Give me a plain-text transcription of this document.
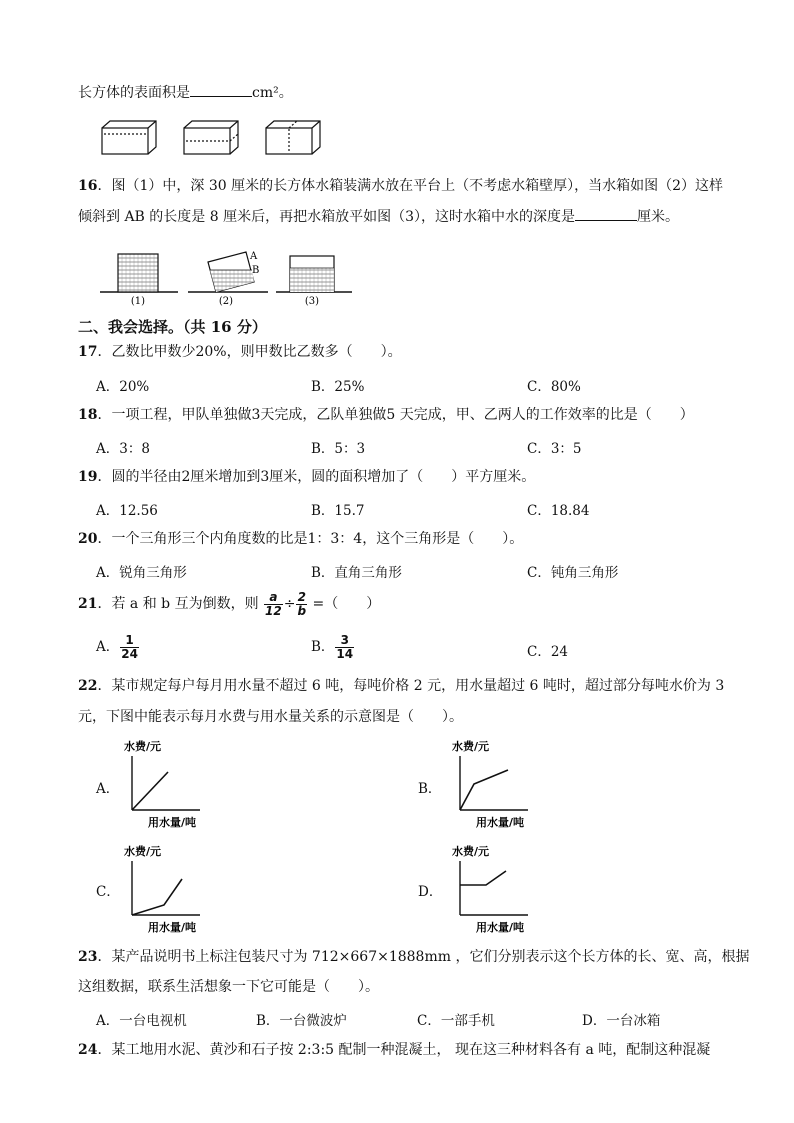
长方体的表面积是	cm²。
16．图（1）中，深 30 厘米的长方体水箱装满水放在平台上（不考虑水箱壁厚），当水箱如图（2）这样
倾斜到 AB 的长度是 8 厘米后，再把水箱放平如图（3），这时水箱中水的深度是	厘米。
(1)
A
B
(2)	(3)
二、我会选择。（共 16 分）
17．乙数比甲数少20%，则甲数比乙数多（　　）。
A．20%	B．25%	C．80%
18．一项工程，甲队单独做3天完成，乙队单独做5 天完成，甲、乙两人的工作效率的比是（　　）
A．3：8	B．5：3	C．3：5
19．圆的半径由2厘米增加到3厘米，圆的面积增加了（　　）平方厘米。
A．12.56	B．15.7	C．18.84
20．一个三角形三个内角度数的比是1：3：4，这个三角形是（　　）。
A．锐角三角形	B．直角三角形	C．钝角三角形
21．若 a 和 b 互为倒数，则 $\frac{a}{12} \div \frac{2}{b}$ =（　　）
A． $\frac{1}{24}$	B． $\frac{3}{14}$	C．24
22．某市规定每户每月用水量不超过 6 吨，每吨价格 2 元，用水量超过 6 吨时，超过部分每吨水价为 3
元，下图中能表示每月水费与用水量关系的示意图是（　　）。
A．
水费/元
用水量/吨
B．
水费/元
用水量/吨
C．
水费/元
用水量/吨
D．
水费/元
用水量/吨
23．某产品说明书上标注包装尺寸为 712×667×1888mm ，它们分别表示这个长方体的长、宽、高，根据
这组数据，联系生活想象一下它可能是（　　）。
A．一台电视机	B．一台微波炉	C．一部手机	D．一台冰箱
24．某工地用水泥、黄沙和石子按 2:3:5 配制一种混凝土， 现在这三种材料各有 a 吨，配制这种混凝
